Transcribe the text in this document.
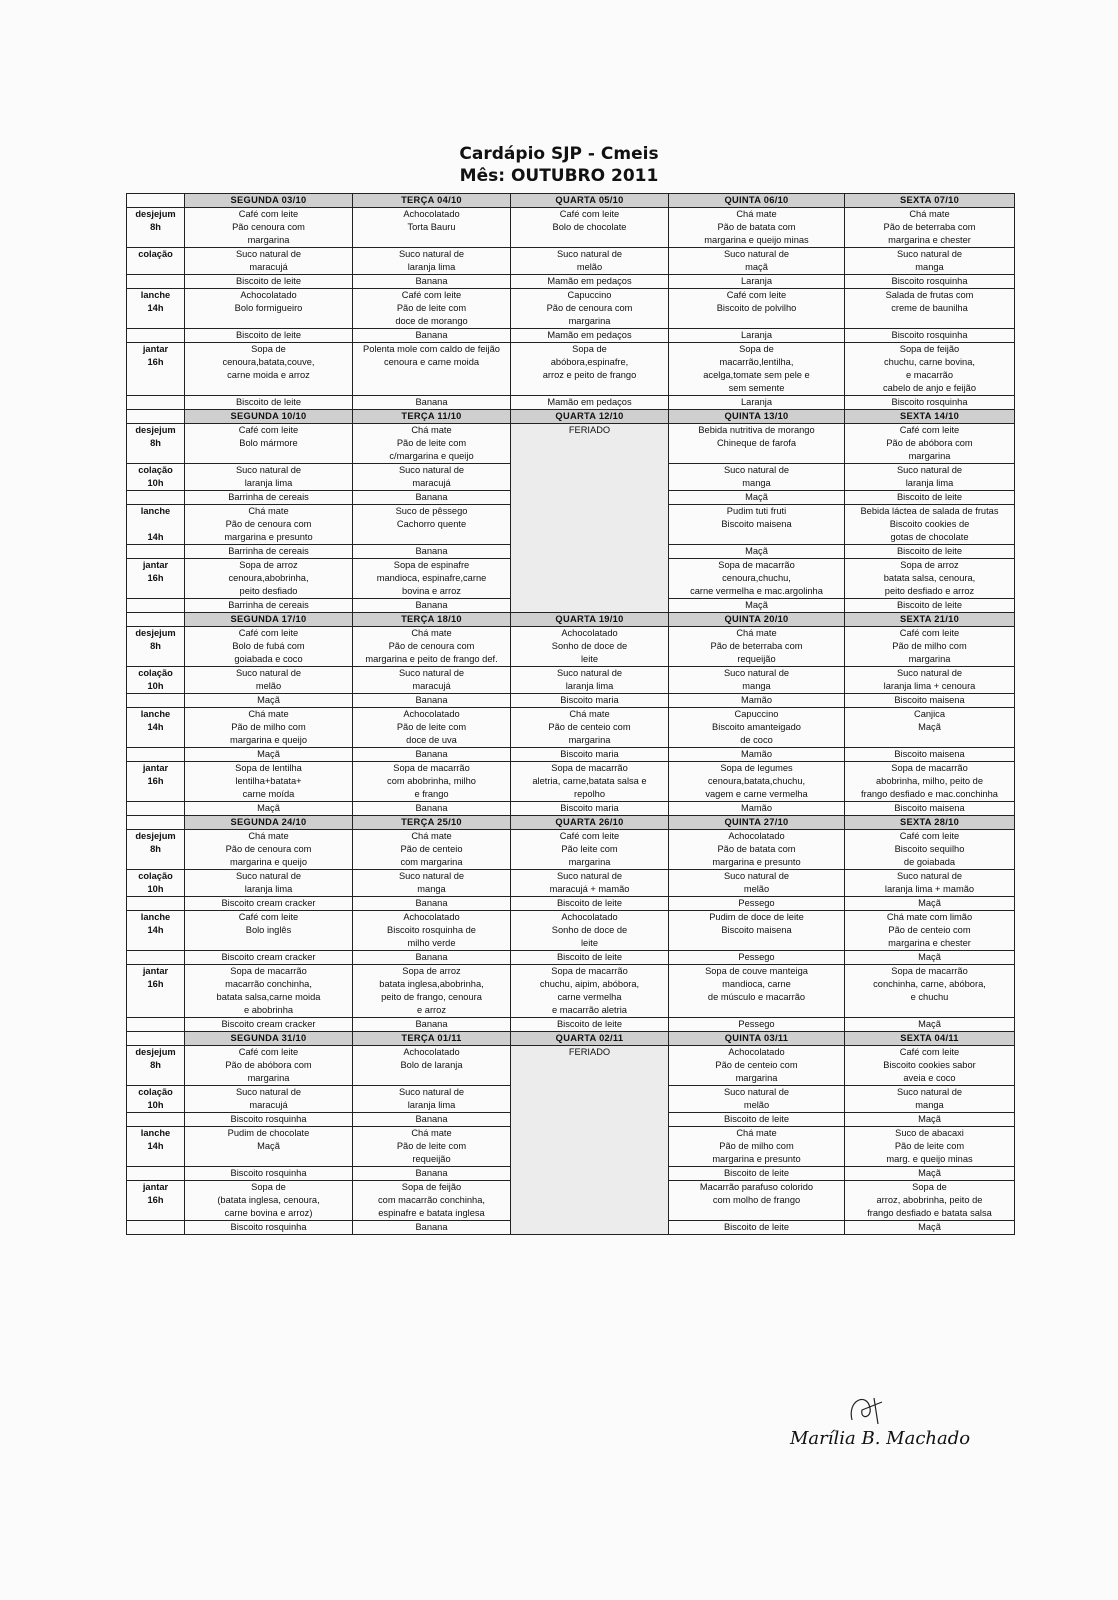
Cardápio SJP - Cmeis
Mês: OUTUBRO 2011
	SEGUNDA 03/10	TERÇA 04/10	QUARTA 05/10	QUINTA 06/10	SEXTA 07/10

desjejum
8h	Café com leite
Pão cenoura com
margarina	Achocolatado
Torta Bauru	Café com leite
Bolo de chocolate	Chá mate
Pão de batata com
margarina e queijo minas	Chá mate
Pão de beterraba com
margarina e chester

colação	Suco natural de
maracujá	Suco natural de
laranja lima	Suco natural de
melão	Suco natural de
maçã	Suco natural de
manga

	Biscoito de leite	Banana	Mamão em pedaços	Laranja	Biscoito rosquinha

lanche
14h	Achocolatado
Bolo formigueiro	Café com leite
Pão de leite com
doce de morango	Capuccino
Pão de cenoura com
margarina	Café com leite
Biscoito de polvilho	Salada de frutas com
creme de baunilha

	Biscoito de leite	Banana	Mamão em pedaços	Laranja	Biscoito rosquinha

jantar
16h	Sopa de
cenoura,batata,couve,
carne moida e arroz	Polenta mole com caldo de feijão
cenoura e carne moida	Sopa de
abóbora,espinafre,
arroz e peito de frango	Sopa de
macarrão,lentilha,
acelga,tomate sem pele e
sem semente	Sopa de feijão
chuchu, carne bovina,
e macarrão
cabelo de anjo e feijão

	Biscoito de leite	Banana	Mamão em pedaços	Laranja	Biscoito rosquinha

	SEGUNDA 10/10	TERÇA 11/10	QUARTA 12/10	QUINTA 13/10	SEXTA 14/10

desjejum
8h	Café com leite
Bolo mármore	Chá mate
Pão de leite com
c/margarina e queijo	FERIADO	Bebida nutritiva de morango
Chineque de farofa	Café com leite
Pão de abóbora com
margarina

colação
10h	Suco natural de
laranja lima	Suco natural de
maracujá		Suco natural de
manga	Suco natural de
laranja lima

	Barrinha de cereais	Banana		Maçã	Biscoito de leite

lanche

14h	Chá mate
Pão de cenoura com
margarina e presunto	Suco de pêssego
Cachorro quente		Pudim tuti fruti
Biscoito maisena	Bebida láctea de salada de frutas
Biscoito cookies de
gotas de chocolate

	Barrinha de cereais	Banana		Maçã	Biscoito de leite

jantar
16h	Sopa de arroz
cenoura,abobrinha,
peito desfiado	Sopa de espinafre
mandioca, espinafre,carne
bovina e arroz		Sopa de macarrão
cenoura,chuchu,
carne vermelha e mac.argolinha	Sopa de arroz
batata salsa, cenoura,
peito desfiado e arroz

	Barrinha de cereais	Banana		Maçã	Biscoito de leite

	SEGUNDA 17/10	TERÇA 18/10	QUARTA 19/10	QUINTA 20/10	SEXTA 21/10

desjejum
8h	Café com leite
Bolo de fubá com
goiabada e coco	Chá mate
Pão de cenoura com
margarina e peito de frango def.	Achocolatado
Sonho de doce de
leite	Chá mate
Pão de beterraba com
requeijão	Café com leite
Pão de milho com
margarina

colação
10h	Suco natural de
melão	Suco natural de
maracujá	Suco natural de
laranja lima	Suco natural de
manga	Suco natural de
laranja lima + cenoura

	Maçã	Banana	Biscoito maria	Mamão	Biscoito maisena

lanche
14h	Chá mate
Pão de milho com
margarina e queijo	Achocolatado
Pão de leite com
doce de uva	Chá mate
Pão de centeio com
margarina	Capuccino
Biscoito amanteigado
de coco	Canjica
Maçã

	Maçã	Banana	Biscoito maria	Mamão	Biscoito maisena

jantar
16h	Sopa de lentilha
lentilha+batata+
carne moída	Sopa de macarrão
com abobrinha, milho
e frango	Sopa de macarrão
aletria, carne,batata salsa e
repolho	Sopa de legumes
cenoura,batata,chuchu,
vagem e carne vermelha	Sopa de macarrão
abobrinha, milho, peito de
frango desfiado e mac.conchinha

	Maçã	Banana	Biscoito maria	Mamão	Biscoito maisena

	SEGUNDA 24/10	TERÇA 25/10	QUARTA 26/10	QUINTA 27/10	SEXTA 28/10

desjejum
8h	Chá mate
Pão de cenoura com
margarina e queijo	Chá mate
Pão de centeio
com margarina	Café com leite
Pão leite com
margarina	Achocolatado
Pão de batata com
margarina e presunto	Café com leite
Biscoito sequilho
de goiabada

colação
10h	Suco natural de
laranja lima	Suco natural de
manga	Suco natural de
maracujá + mamão	Suco natural de
melão	Suco natural de
laranja lima + mamão

	Biscoito cream cracker	Banana	Biscoito de leite	Pessego	Maçã

lanche
14h	Café com leite
Bolo inglês	Achocolatado
Biscoito rosquinha de
milho verde	Achocolatado
Sonho de doce de
leite	Pudim de doce de leite
Biscoito maisena	Chá mate com limão
Pão de centeio com
margarina e chester

	Biscoito cream cracker	Banana	Biscoito de leite	Pessego	Maçã

jantar
16h	Sopa de macarrão
macarrão conchinha,
batata salsa,carne moida
e abobrinha	Sopa de arroz
batata inglesa,abobrinha,
peito de frango, cenoura
e arroz	Sopa de macarrão
chuchu, aipim, abóbora,
carne vermelha
e macarrão aletria	Sopa de couve manteiga
mandioca, carne
de músculo e macarrão	Sopa de macarrão
conchinha, carne, abóbora,
e chuchu

	Biscoito cream cracker	Banana	Biscoito de leite	Pessego	Maçã

	SEGUNDA 31/10	TERÇA 01/11	QUARTA 02/11	QUINTA 03/11	SEXTA 04/11

desjejum
8h	Café com leite
Pão de abóbora com
margarina	Achocolatado
Bolo de laranja	FERIADO	Achocolatado
Pão de centeio com
margarina	Café com leite
Biscoito cookies sabor
aveia e coco

colação
10h	Suco natural de
maracujá	Suco natural de
laranja lima		Suco natural de
melão	Suco natural de
manga

	Biscoito rosquinha	Banana		Biscoito de leite	Maçã

lanche
14h	Pudim de chocolate
Maçã	Chá mate
Pão de leite com
requeijão		Chá mate
Pão de milho com
margarina e presunto	Suco de abacaxi
Pão de leite com
marg. e queijo minas

	Biscoito rosquinha	Banana		Biscoito de leite	Maçã

jantar
16h	Sopa de
(batata inglesa, cenoura,
carne bovina e arroz)	Sopa de feijão
com macarrão conchinha,
espinafre e batata inglesa		Macarrão parafuso colorido
com molho de frango	Sopa de
arroz, abobrinha, peito de
frango desfiado e batata salsa

	Biscoito rosquinha	Banana		Biscoito de leite	Maçã
Marília B. Machado
